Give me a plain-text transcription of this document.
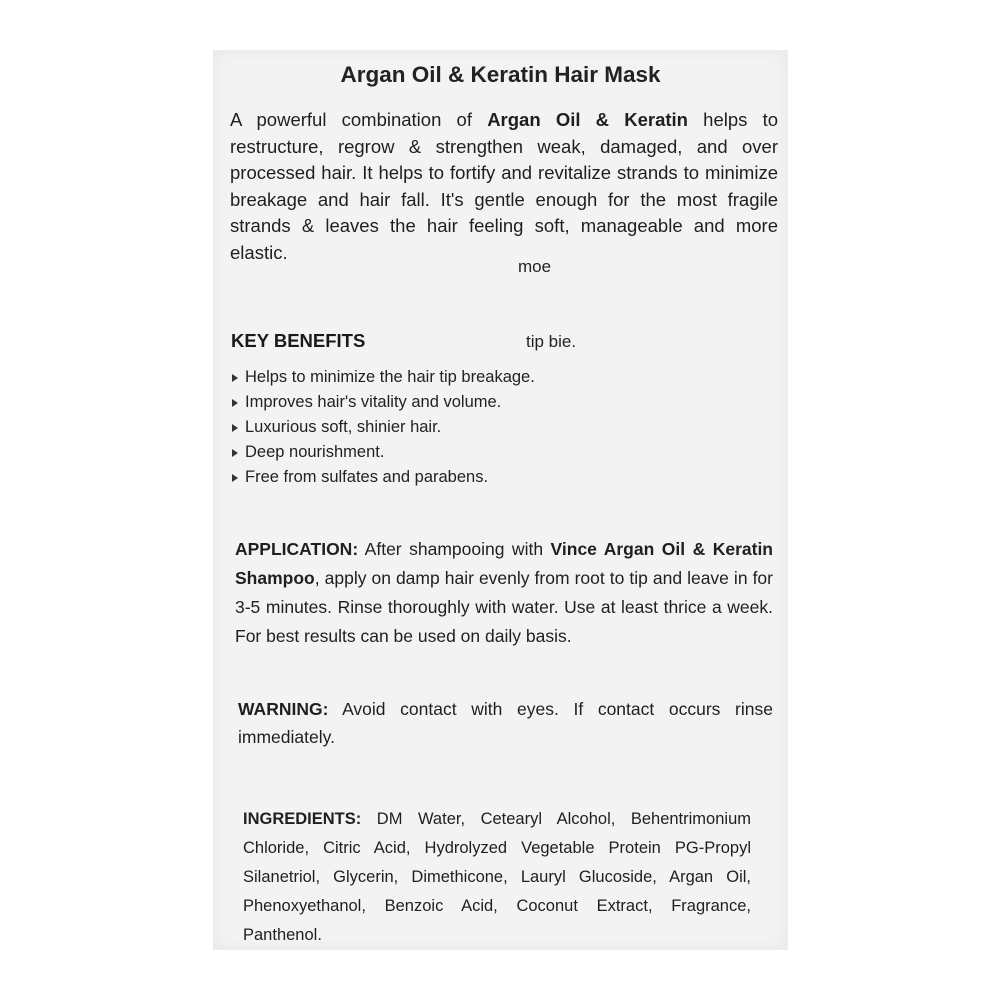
Argan Oil & Keratin Hair Mask
A powerful combination of Argan Oil & Keratin helps to restructure, regrow & strengthen weak, damaged, and over processed hair. It helps to fortify and revitalize strands to minimize breakage and hair fall. It's gentle enough for the most fragile strands & leaves the hair feeling soft, manageable and more elastic.
moe
KEY BENEFITS	tip bie.
Helps to minimize the hair tip breakage.
Improves hair's vitality and volume.
Luxurious soft, shinier hair.
Deep nourishment.
Free from sulfates and parabens.
APPLICATION: After shampooing with Vince Argan Oil & Keratin Shampoo, apply on damp hair evenly from root to tip and leave in for 3-5 minutes. Rinse thoroughly with water. Use at least thrice a week. For best results can be used on daily basis.
WARNING: Avoid contact with eyes. If contact occurs rinse immediately.
INGREDIENTS: DM Water, Cetearyl Alcohol, Behentrimonium Chloride, Citric Acid, Hydrolyzed Vegetable Protein PG-Propyl Silanetriol, Glycerin, Dimethicone, Lauryl Glucoside, Argan Oil, Phenoxyethanol, Benzoic Acid, Coconut Extract, Fragrance, Panthenol.
